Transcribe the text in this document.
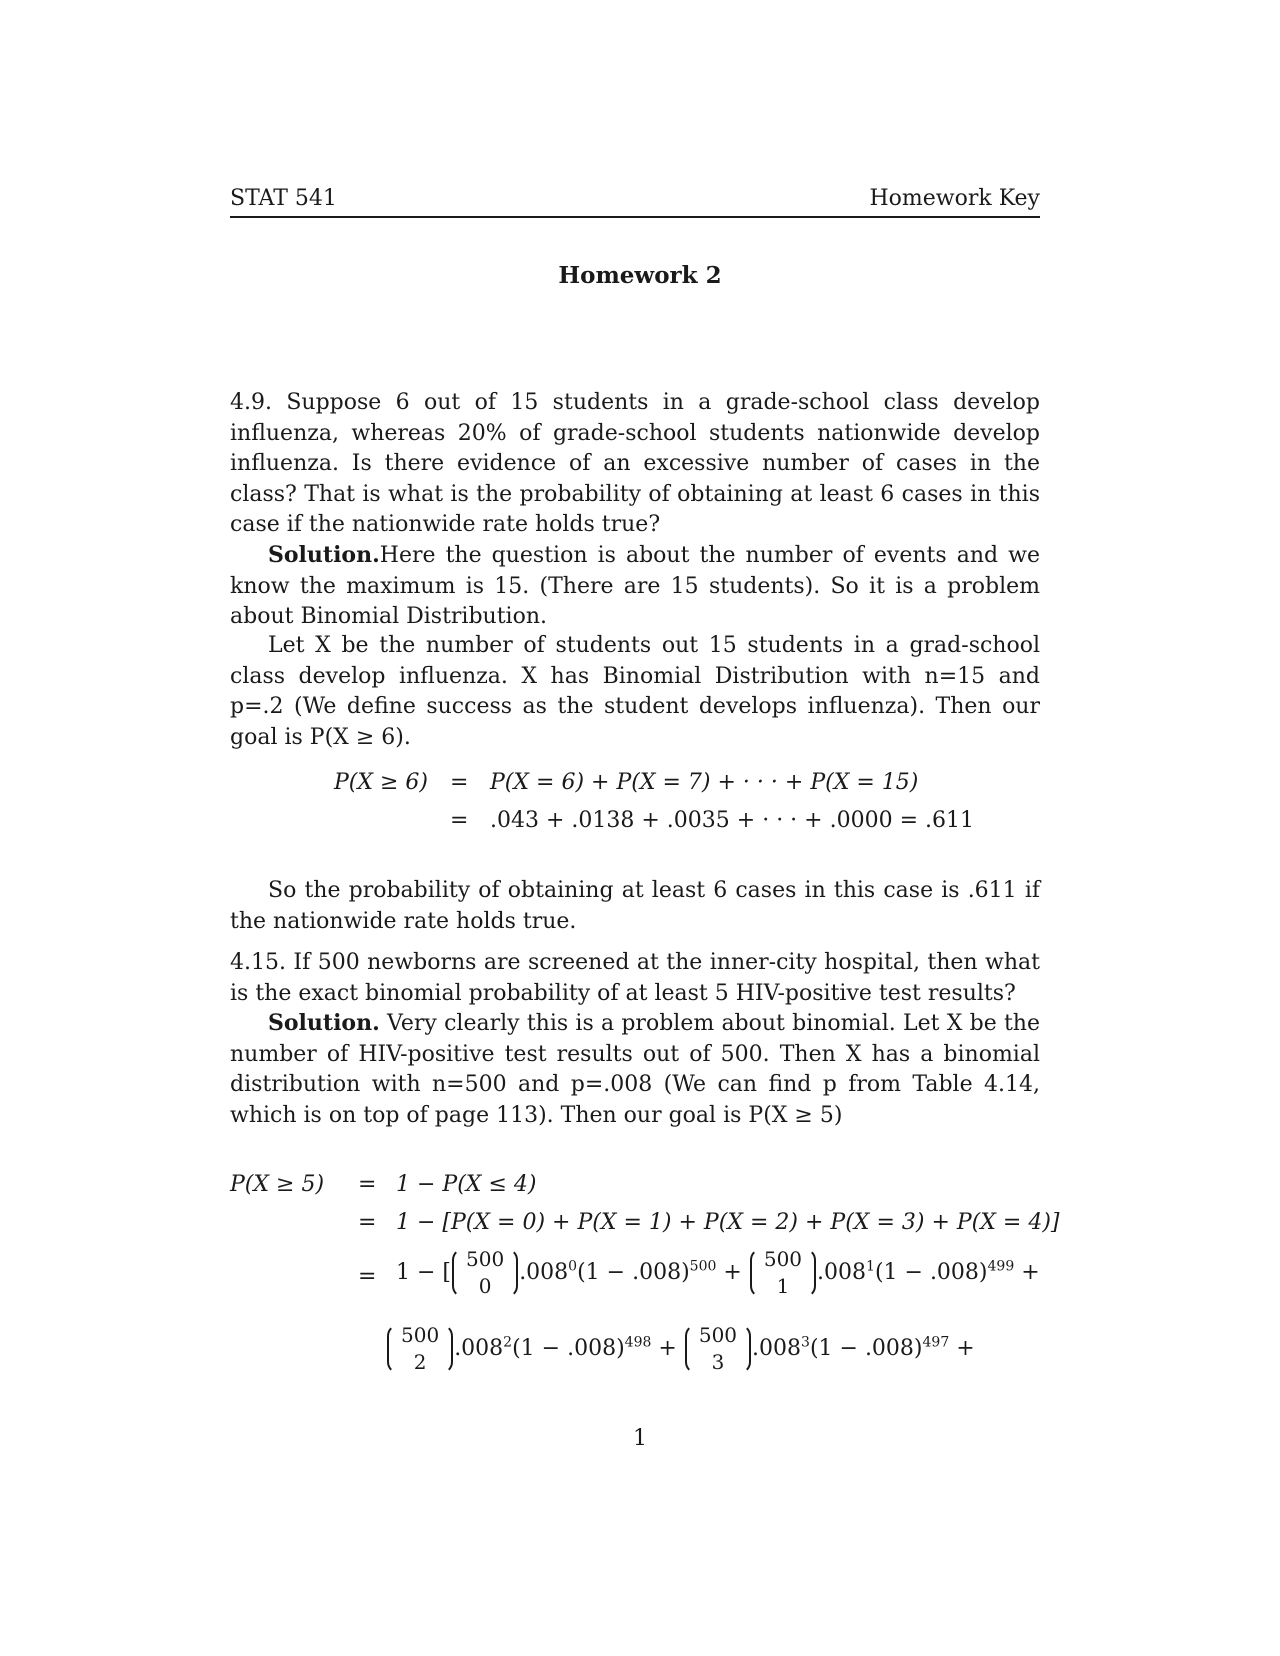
STAT 541	Homework Key
Homework 2

4.9. Suppose 6 out of 15 students in a grade-school class develop influenza, whereas 20% of grade-school students nationwide develop influenza. Is there evidence of an excessive number of cases in the class? That is what is the probability of obtaining at least 6 cases in this case if the nationwide rate holds true?

Solution.Here the question is about the number of events and we know the maximum is 15. (There are 15 students). So it is a problem about Binomial Distribution.

Let X be the number of students out 15 students in a grad-school class develop influenza. X has Binomial Distribution with n=15 and p=.2 (We define success as the student develops influenza). Then our goal is P(X ≥ 6).

P(X ≥ 6) = P(X = 6) + P(X = 7) + · · · + P(X = 15)
= .043 + .0138 + .0035 + · · · + .0000 = .611

So the probability of obtaining at least 6 cases in this case is .611 if the nationwide rate holds true.

4.15. If 500 newborns are screened at the inner-city hospital, then what is the exact binomial probability of at least 5 HIV-positive test results?

Solution. Very clearly this is a problem about binomial. Let X be the number of HIV-positive test results out of 500. Then X has a binomial distribution with n=500 and p=.008 (We can find p from Table 4.14, which is on top of page 113). Then our goal is P(X ≥ 5)

P(X ≥ 5) = 1 − P(X ≤ 4)
= 1 − [P(X = 0) + P(X = 1) + P(X = 2) + P(X = 3) + P(X = 4)]
= 1 − [
500
0
$.008^0(1 - .008)^{500}$ +
500
1
$.008^1(1 - .008)^{499}$ +
500
2
$.008^2(1 - .008)^{498}$ +
500
3
$.008^3(1 - .008)^{497}$ +
1
